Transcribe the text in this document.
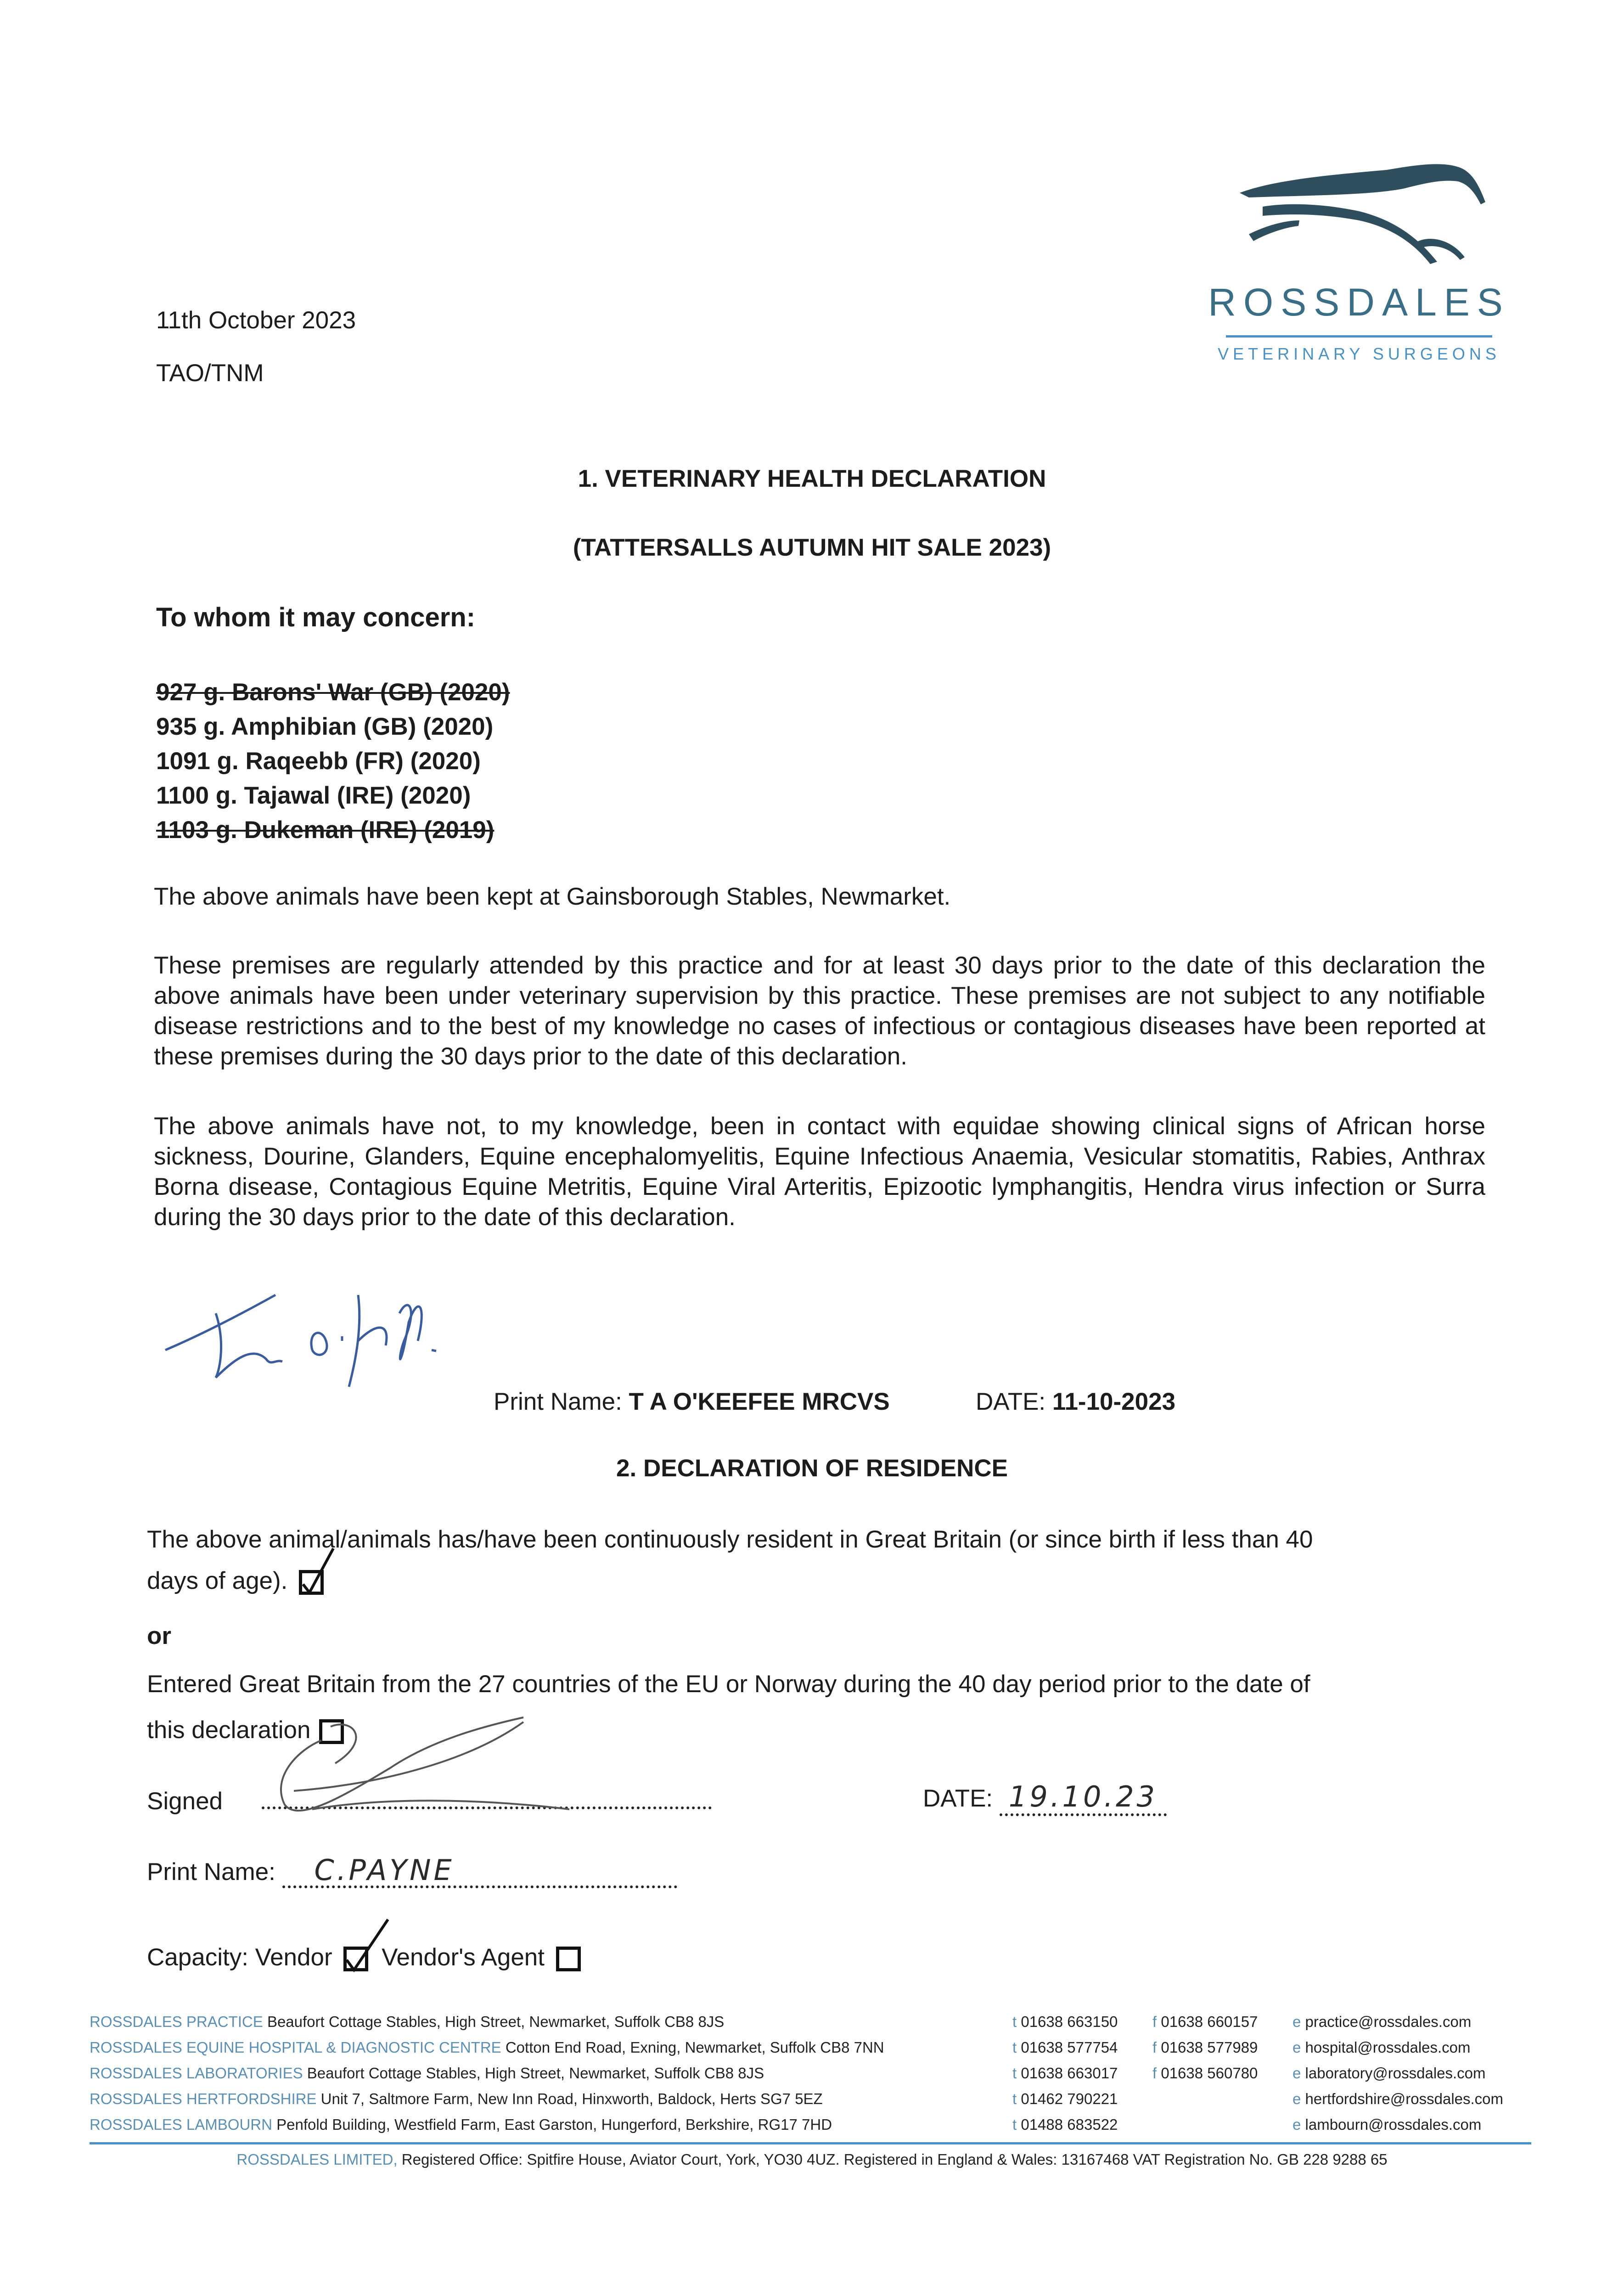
ROSSDALES
VETERINARY SURGEONS
11th October 2023
TAO/TNM
1. VETERINARY HEALTH DECLARATION
(TATTERSALLS AUTUMN HIT SALE 2023)
To whom it may concern:
927 g. Barons' War (GB) (2020)
935 g. Amphibian (GB) (2020)
1091 g. Raqeebb (FR) (2020)
1100 g. Tajawal (IRE) (2020)
1103 g. Dukeman (IRE) (2019)
The above animals have been kept at Gainsborough Stables, Newmarket.
These premises are regularly attended by this practice and for at least 30 days prior to the date of this declaration the above animals have been under veterinary supervision by this practice. These premises are not subject to any notifiable disease restrictions and to the best of my knowledge no cases of infectious or contagious diseases have been reported at these premises during the 30 days prior to the date of this declaration.
The above animals have not, to my knowledge, been in contact with equidae showing clinical signs of African horse sickness, Dourine, Glanders, Equine encephalomyelitis, Equine Infectious Anaemia, Vesicular stomatitis, Rabies, Anthrax Borna disease, Contagious Equine Metritis, Equine Viral Arteritis, Epizootic lymphangitis, Hendra virus infection or Surra during the 30 days prior to the date of this declaration.
Print Name: T A O'KEEFEE MRCVS	DATE: 11-10-2023
2. DECLARATION OF RESIDENCE
The above animal/animals has/have been continuously resident in Great Britain (or since birth if less than 40
days of age).
or
Entered Great Britain from the 27 countries of the EU or Norway during the 40 day period prior to the date of
this declaration
Signed	DATE: 19.10.23
Print Name: C.PAYNE
Capacity: Vendor Vendor's Agent
ROSSDALES PRACTICE Beaufort Cottage Stables, High Street, Newmarket, Suffolk CB8 8JS	t 01638 663150 f 01638 660157 e practice@rossdales.com
ROSSDALES EQUINE HOSPITAL & DIAGNOSTIC CENTRE Cotton End Road, Exning, Newmarket, Suffolk CB8 7NN	t 01638 577754 f 01638 577989 e hospital@rossdales.com
ROSSDALES LABORATORIES Beaufort Cottage Stables, High Street, Newmarket, Suffolk CB8 8JS	t 01638 663017 f 01638 560780 e laboratory@rossdales.com
ROSSDALES HERTFORDSHIRE Unit 7, Saltmore Farm, New Inn Road, Hinxworth, Baldock, Herts SG7 5EZ	t 01462 790221	e hertfordshire@rossdales.com
ROSSDALES LAMBOURN Penfold Building, Westfield Farm, East Garston, Hungerford, Berkshire, RG17 7HD	t 01488 683522	e lambourn@rossdales.com
ROSSDALES LIMITED, Registered Office: Spitfire House, Aviator Court, York, YO30 4UZ. Registered in England & Wales: 13167468 VAT Registration No. GB 228 9288 65
